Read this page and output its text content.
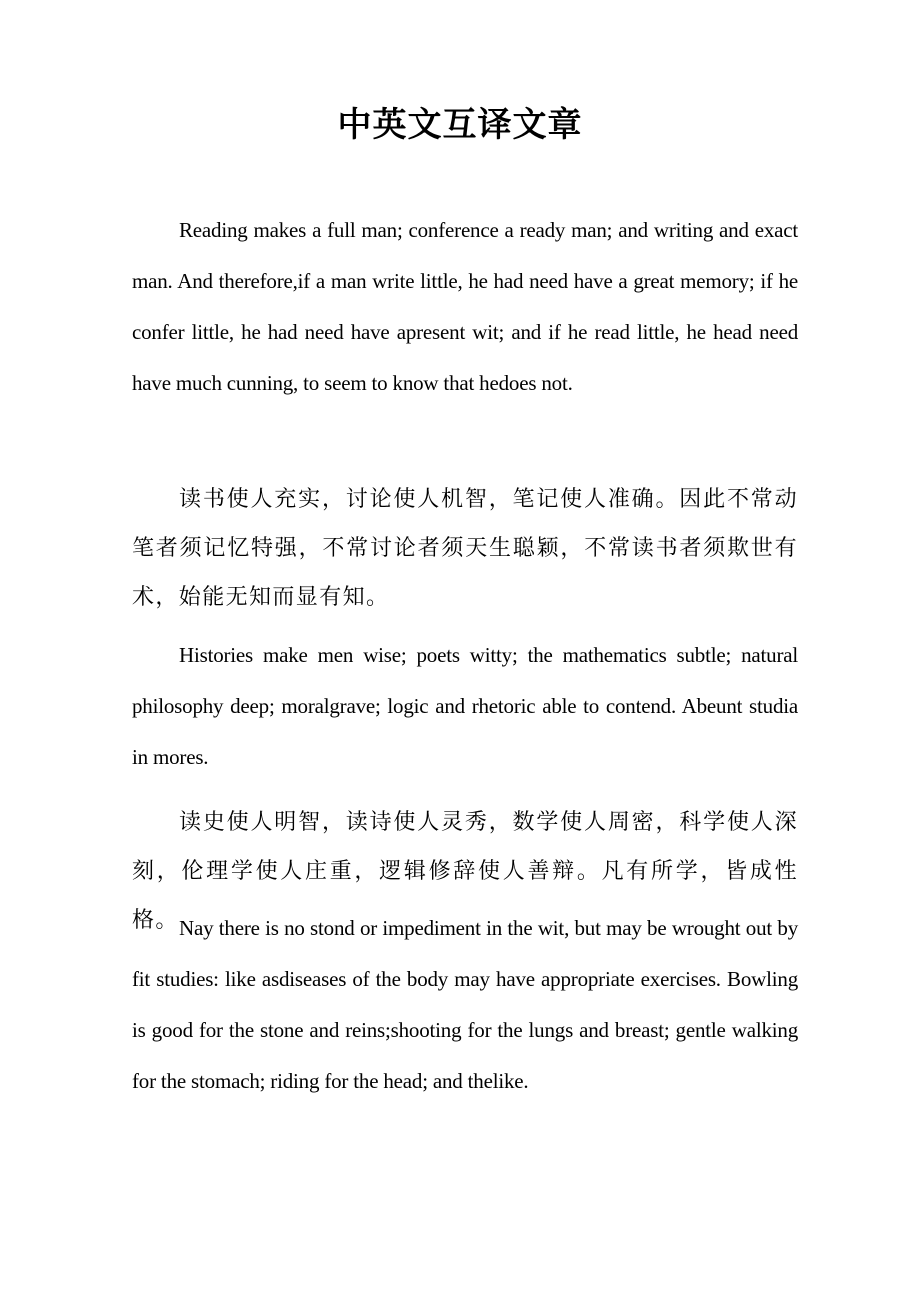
中英文互译文章

Reading makes a full man; conference a ready man; and writing and exact man. And therefore,if a man write little, he had need have a great memory; if he confer little, he had need have apresent wit; and if he read little, he head need have much cunning, to seem to know that hedoes not.

读书使人充实，讨论使人机智，笔记使人准确。因此不常动笔者须记忆特强，不常讨论者须天生聪颖，不常读书者须欺世有术，始能无知而显有知。

Histories make men wise; poets witty; the mathematics subtle; natural philosophy deep; moralgrave; logic and rhetoric able to contend. Abeunt studia in mores.

读史使人明智，读诗使人灵秀，数学使人周密，科学使人深刻，伦理学使人庄重，逻辑修辞使人善辩。凡有所学，皆成性格。 Nay there is no stond or impediment in the wit, but may be wrought out by fit studies: like asdiseases of the body may have appropriate exercises. Bowling is good for the stone and reins;shooting for the lungs and breast; gentle walking for the stomach; riding for the head; and thelike.
